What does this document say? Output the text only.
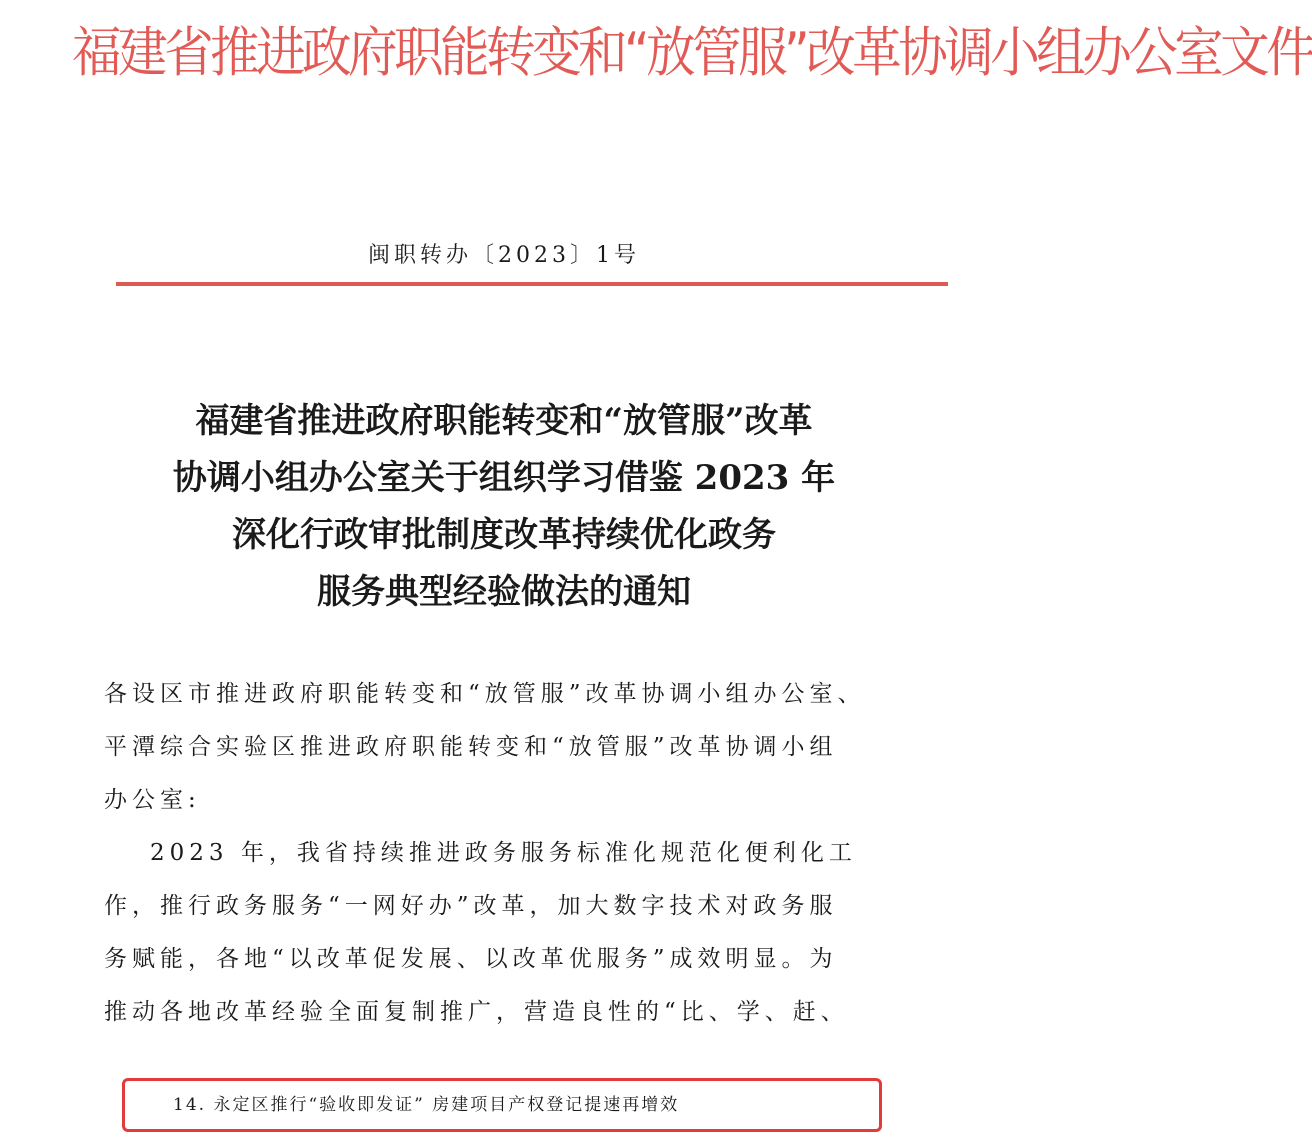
福建省推进政府职能转变和“放管服”改革协调小组办公室文件
闽职转办〔2023〕1号
福建省推进政府职能转变和“放管服”改革
协调小组办公室关于组织学习借鉴 2023 年
深化行政审批制度改革持续优化政务
服务典型经验做法的通知

各设区市推进政府职能转变和“放管服”改革协调小组办公室、

平潭综合实验区推进政府职能转变和“放管服”改革协调小组

办公室:

2023 年，我省持续推进政务服务标准化规范化便利化工

作，推行政务服务“一网好办”改革，加大数字技术对政务服

务赋能，各地“以改革促发展、以改革优服务”成效明显。为

推动各地改革经验全面复制推广，营造良性的“比、学、赶、

14. 永定区推行“验收即发证” 房建项目产权登记提速再增效
